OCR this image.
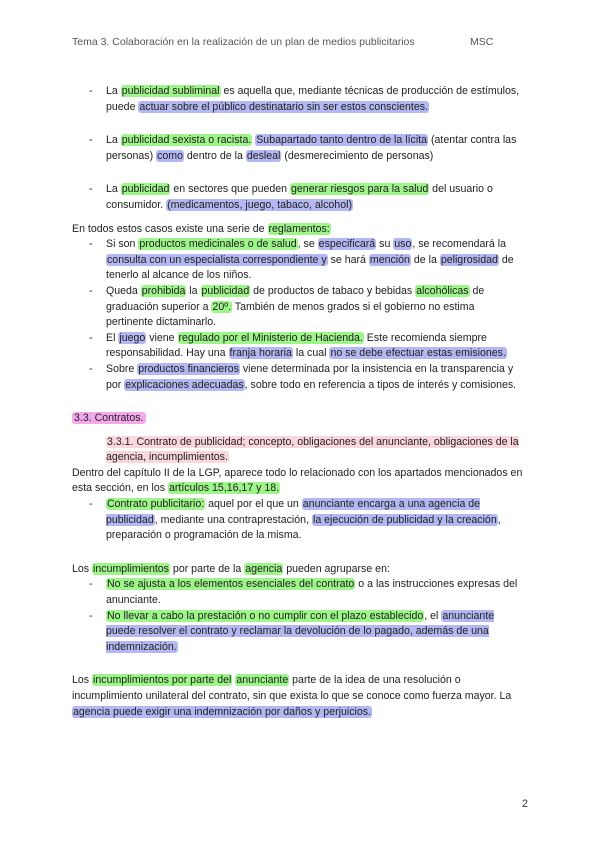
Tema 3. Colaboración en la realización de un plan de medios publicitarios	MSC

- La publicidad subliminal es aquella que, mediante técnicas de producción de estímulos, puede actuar sobre el público destinatario sin ser estos conscientes.

- La publicidad sexista o racista. Subapartado tanto dentro de la lícita (atentar contra las personas) como dentro de la desleal (desmerecimiento de personas)

- La publicidad en sectores que pueden generar riesgos para la salud del usuario o consumidor. (medicamentos, juego, tabaco, alcohol)

En todos estos casos existe una serie de reglamentos:

- Si son productos medicinales o de salud, se especificará su uso, se recomendará la consulta con un especialista correspondiente y se hará mención de la peligrosidad de tenerlo al alcance de los niños.

- Queda prohibida la publicidad de productos de tabaco y bebidas alcohólicas de graduación superior a 20º. También de menos grados si el gobierno no estima pertinente dictaminarlo.

- El juego viene regulado por el Ministerio de Hacienda. Este recomienda siempre responsabilidad. Hay una franja horaria la cual no se debe efectuar estas emisiones.

- Sobre productos financieros viene determinada por la insistencia en la transparencia y por explicaciones adecuadas, sobre todo en referencia a tipos de interés y comisiones.

3.3. Contratos.

3.3.1. Contrato de publicidad; concepto, obligaciones del anunciante, obligaciones de la agencia, incumplimientos.

Dentro del capítulo II de la LGP, aparece todo lo relacionado con los apartados mencionados en esta sección, en los artículos 15,16,17 y 18.

- Contrato publicitario: aquel por el que un anunciante encarga a una agencia de publicidad, mediante una contraprestación, la ejecución de publicidad y la creación, preparación o programación de la misma.

Los incumplimientos por parte de la agencia pueden agruparse en:

- No se ajusta a los elementos esenciales del contrato o a las instrucciones expresas del anunciante.

- No llevar a cabo la prestación o no cumplir con el plazo establecido, el anunciante puede resolver el contrato y reclamar la devolución de lo pagado, además de una indemnización.

Los incumplimientos por parte del anunciante parte de la idea de una resolución o incumplimiento unilateral del contrato, sin que exista lo que se conoce como fuerza mayor. La agencia puede exigir una indemnización por daños y perjuicios.

2
